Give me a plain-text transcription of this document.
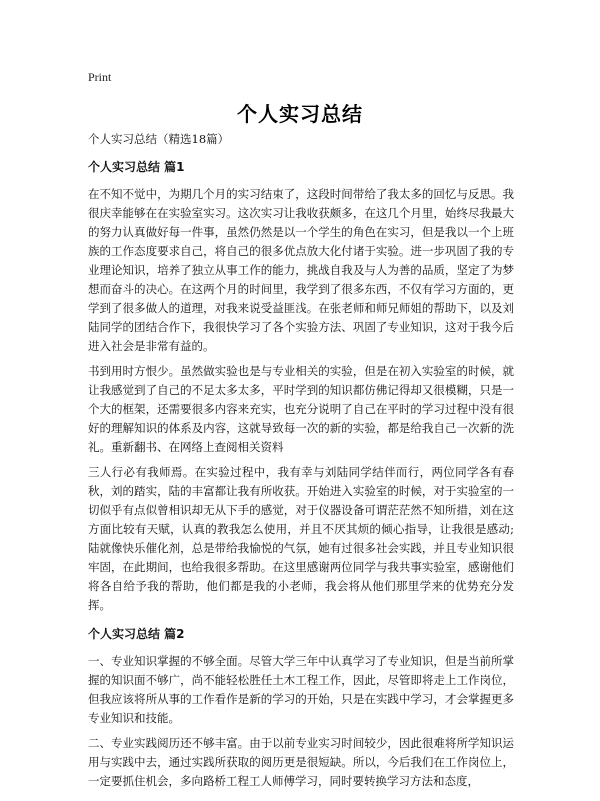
Print
个人实习总结
个人实习总结（精选18篇）
个人实习总结 篇1

在不知不觉中，为期几个月的实习结束了，这段时间带给了我太多的回忆与反思。我很庆幸能够在在实验室实习。这次实习让我收获颇多，在这几个月里，始终尽我最大的努力认真做好每一件事，虽然仍然是以一个学生的角色在实习，但是我以一个上班族的工作态度要求自己，将自己的很多优点放大化付诸于实验。进一步巩固了我的专业理论知识，培养了独立从事工作的能力，挑战自我及与人为善的品质，坚定了为梦想而奋斗的决心。在这两个月的时间里，我学到了很多东西，不仅有学习方面的，更学到了很多做人的道理，对我来说受益匪浅。在张老师和师兄师姐的帮助下，以及刘陆同学的团结合作下，我很快学习了各个实验方法、巩固了专业知识，这对于我今后进入社会是非常有益的。

书到用时方恨少。虽然做实验也是与专业相关的实验，但是在初入实验室的时候，就让我感觉到了自己的不足太多太多，平时学到的知识都仿佛记得却又很模糊，只是一个大的框架，还需要很多内容来充实，也充分说明了自己在平时的学习过程中没有很好的理解知识的体系及内容，这就导致每一次的新的实验，都是给我自己一次新的洗礼。重新翻书、在网络上查阅相关资料

三人行必有我师焉。在实验过程中，我有幸与刘陆同学结伴而行，两位同学各有春秋，刘的踏实，陆的丰富都让我有所收获。开始进入实验室的时候，对于实验室的一切似乎有点似曾相识却无从下手的感觉，对于仪器设备可谓茫茫然不知所措，刘在这方面比较有天赋，认真的教我怎么使用，并且不厌其烦的倾心指导，让我很是感动;陆就像快乐催化剂，总是带给我愉悦的气氛，她有过很多社会实践，并且专业知识很牢固，在此期间，也给我很多帮助。在这里感谢两位同学与我共事实验室，感谢他们将各自给予我的帮助，他们都是我的小老师，我会将从他们那里学来的优势充分发挥。

个人实习总结 篇2

一、专业知识掌握的不够全面。尽管大学三年中认真学习了专业知识，但是当前所掌握的知识面不够广，尚不能轻松胜任土木工程工作，因此，尽管即将走上工作岗位，但我应该将所从事的工作看作是新的学习的开始，只是在实践中学习，才会掌握更多专业知识和技能。

二、专业实践阅历还不够丰富。由于以前专业实习时间较少，因此很难将所学知识运用与实践中去，通过实践所获取的阅历更是很短缺。所以，今后我们在工作岗位上，一定要抓住机会，多向路桥工程工人师傅学习，同时要转换学习方法和态度，
